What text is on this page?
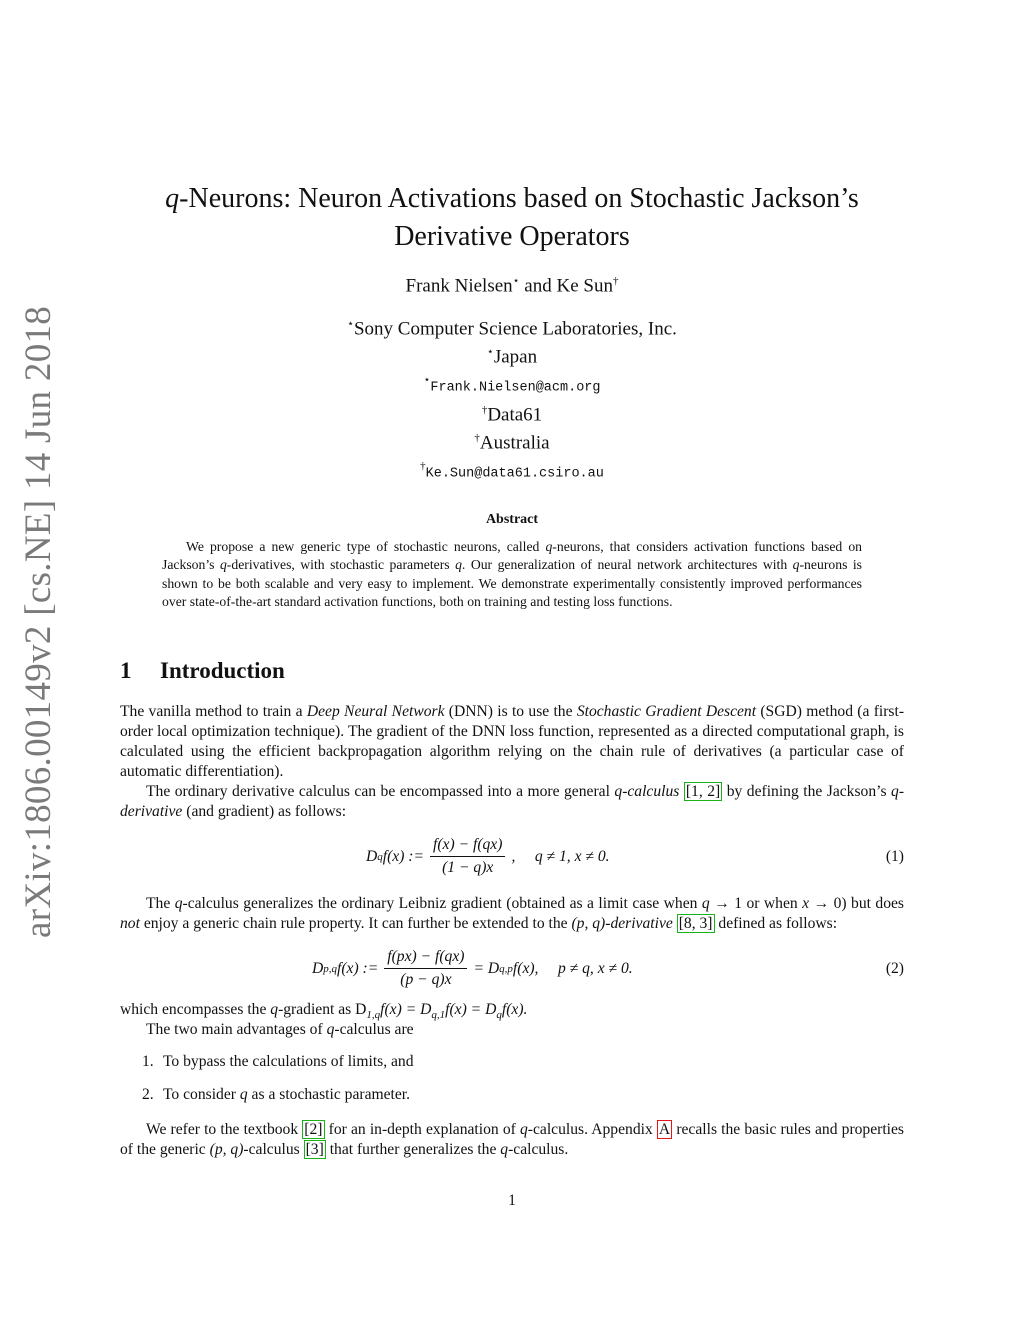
arXiv:1806.00149v2 [cs.NE] 14 Jun 2018
q-Neurons: Neuron Activations based on Stochastic Jackson’s
Derivative Operators
Frank Nielsen⋆ and Ke Sun†
⋆Sony Computer Science Laboratories, Inc.
⋆Japan
⋆Frank.Nielsen@acm.org
†Data61
†Australia
†Ke.Sun@data61.csiro.au
Abstract
We propose a new generic type of stochastic neurons, called q-neurons, that considers activation functions based on Jackson’s q-derivatives, with stochastic parameters q. Our generalization of neural network architectures with q-neurons is shown to be both scalable and very easy to implement. We demonstrate experimentally consistently improved performances over state-of-the-art standard activation functions, both on training and testing loss functions.
1 Introduction
The vanilla method to train a Deep Neural Network (DNN) is to use the Stochastic Gradient Descent (SGD) method (a first-order local optimization technique). The gradient of the DNN loss function, represented as a directed computational graph, is calculated using the efficient backpropagation algorithm relying on the chain rule of derivatives (a particular case of automatic differentiation).
The ordinary derivative calculus can be encompassed into a more general q-calculus [1, 2] by defining the Jackson’s q-derivative (and gradient) as follows:
D q f(x) := $\frac{f(x) - f(qx)}{(1 - q)x}$ ,     q ≠ 1, x ≠ 0.	(1)
The q-calculus generalizes the ordinary Leibniz gradient (obtained as a limit case when q → 1 or when x → 0) but does not enjoy a generic chain rule property. It can further be extended to the (p, q)-derivative [8, 3] defined as follows:
D p,q f(x) := $\frac{f(px) - f(qx)}{(p - q)x} = D$ q,p f(x),     p ≠ q, x ≠ 0.	(2)
which encompasses the q-gradient as $D_{1,q}f(x) = D_{q,1}f(x) = D_qf(x)$.
The two main advantages of q-calculus are
1. To bypass the calculations of limits, and
2. To consider q as a stochastic parameter.
We refer to the textbook [2] for an in-depth explanation of q-calculus. Appendix A recalls the basic rules and properties of the generic (p, q)-calculus [3] that further generalizes the q-calculus.
1
